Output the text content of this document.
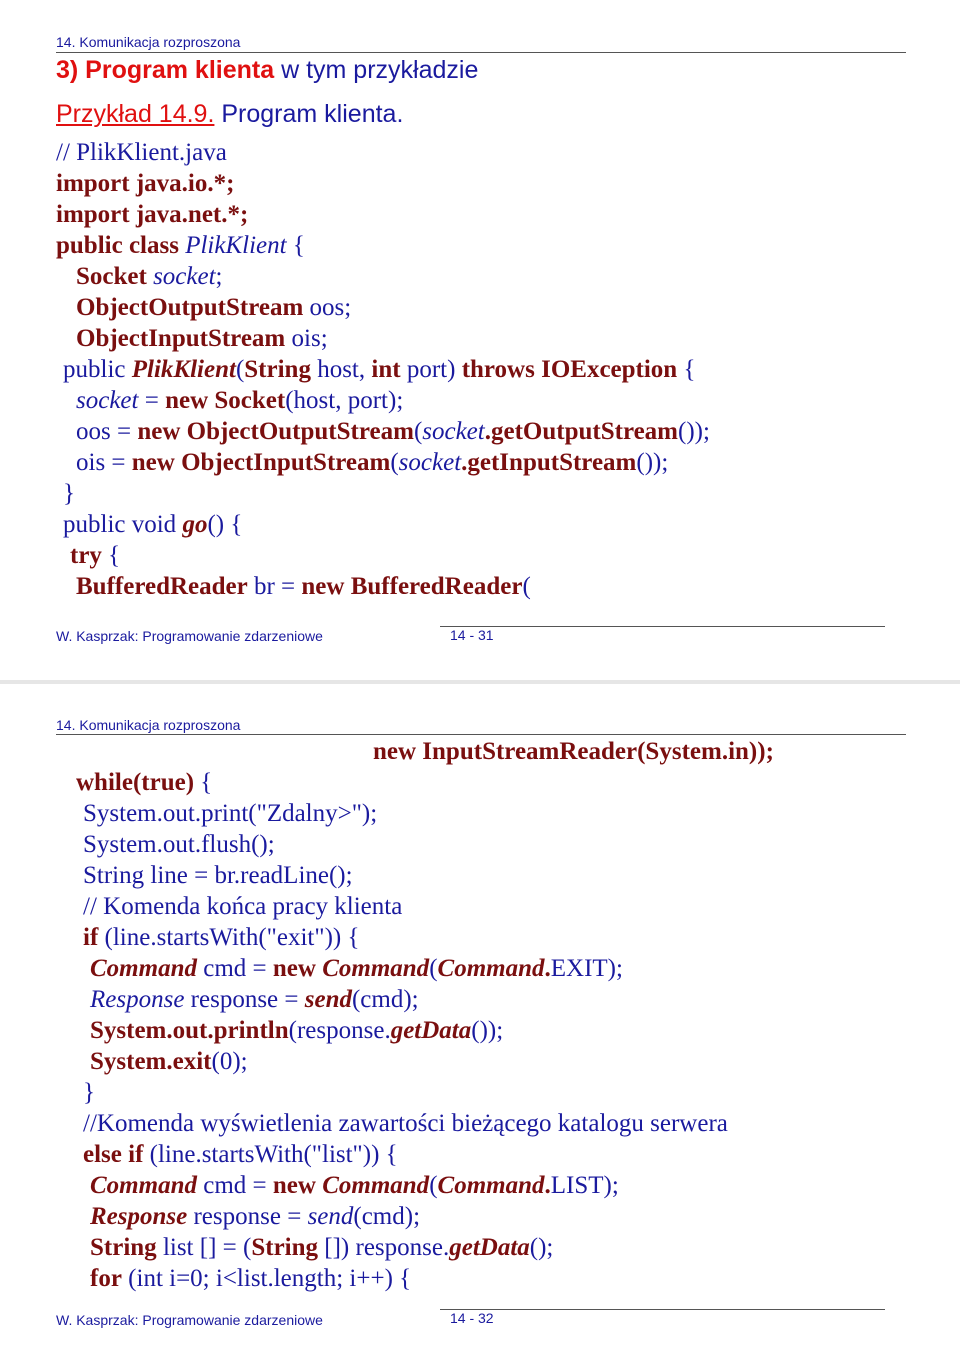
14. Komunikacja rozproszona
3) Program klienta w tym przykładzie
Przykład 14.9. Program klienta.
// PlikKlient.java
import java.io.*;
import java.net.*;
public class PlikKlient {
Socket socket;
ObjectOutputStream oos;
ObjectInputStream ois;
public PlikKlient(String host, int port) throws IOException {
socket = new Socket(host, port);
oos = new ObjectOutputStream(socket.getOutputStream());
ois = new ObjectInputStream(socket.getInputStream());
}
public void go() {
try {
BufferedReader br = new BufferedReader(
W. Kasprzak: Programowanie zdarzeniowe	14 - 31
14. Komunikacja rozproszona
new InputStreamReader(System.in));
while(true) {
System.out.print("Zdalny>");
System.out.flush();
String line = br.readLine();
// Komenda końca pracy klienta
if (line.startsWith("exit")) {
Command cmd = new Command(Command.EXIT);
Response response = send(cmd);
System.out.println(response.getData());
System.exit(0);
}
//Komenda wyświetlenia zawartości bieżącego katalogu serwera
else if (line.startsWith("list")) {
Command cmd = new Command(Command.LIST);
Response response = send(cmd);
String list [] = (String []) response.getData();
for (int i=0; i<list.length; i++) {
W. Kasprzak: Programowanie zdarzeniowe	14 - 32
